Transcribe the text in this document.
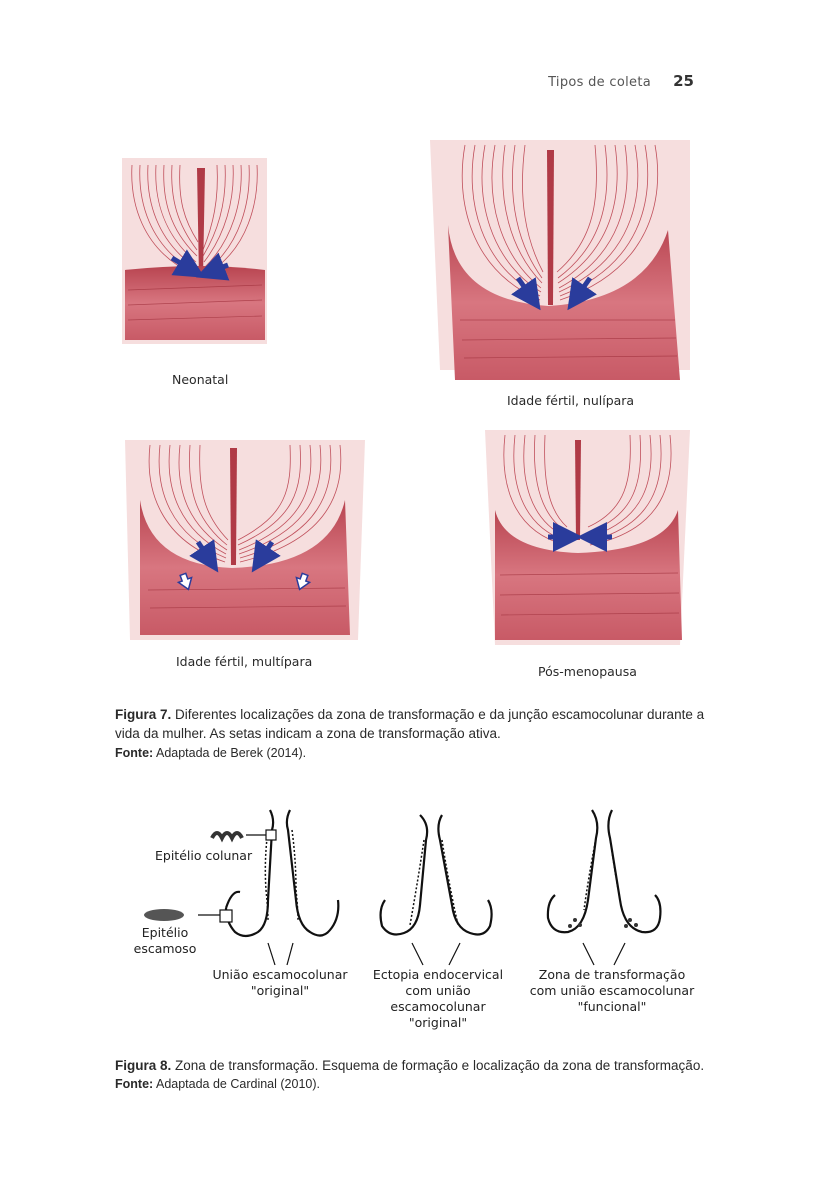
Tipos de coleta 25
Neonatal
Idade fértil, nulípara
Idade fértil, multípara
Pós-menopausa
Figura 7. Diferentes localizações da zona de transformação e da junção escamocolunar durante a vida da mulher. As setas indicam a zona de transformação ativa.
Fonte: Adaptada de Berek (2014).
Epitélio colunar
Epitélio
escamoso
União escamocolunar
"original"
Ectopia endocervical
com união
escamocolunar
"original"
Zona de transformação
com união escamocolunar
"funcional"
Figura 8. Zona de transformação. Esquema de formação e localização da zona de transformação.
Fonte: Adaptada de Cardinal (2010).
